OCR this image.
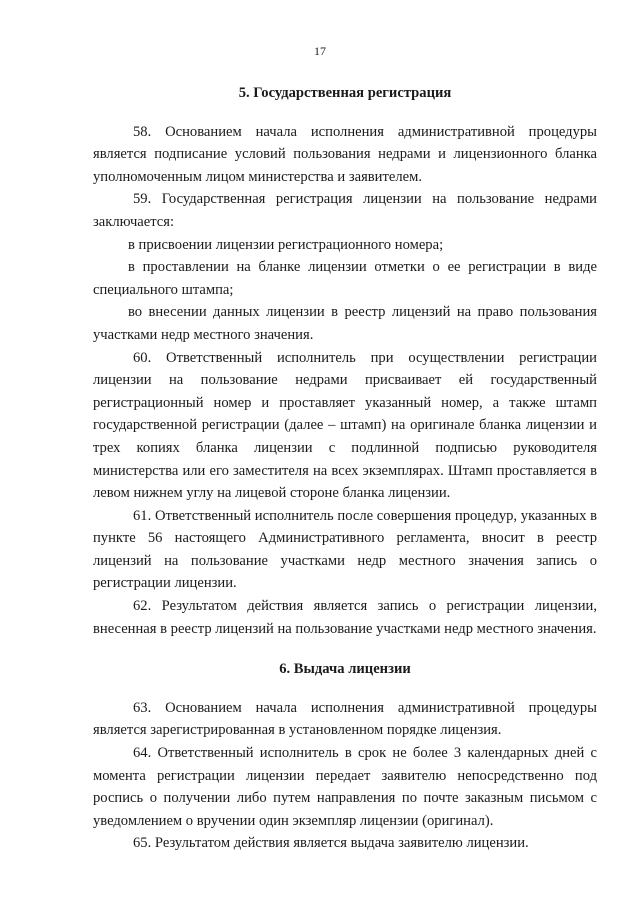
17
5. Государственная регистрация

58. Основанием начала исполнения административной процедуры является подписание условий пользования недрами и лицензионного бланка уполномоченным лицом министерства и заявителем.

59. Государственная регистрация лицензии на пользование недрами заключается:

в присвоении лицензии регистрационного номера;

в проставлении на бланке лицензии отметки о ее регистрации в виде специального штампа;

во внесении данных лицензии в реестр лицензий на право пользования участками недр местного значения.

60. Ответственный исполнитель при осуществлении регистрации лицензии на пользование недрами присваивает ей государственный регистрационный номер и проставляет указанный номер, а также штамп государственной регистрации (далее – штамп) на оригинале бланка лицензии и трех копиях бланка лицензии с подлинной подписью руководителя министерства или его заместителя на всех экземплярах. Штамп проставляется в левом нижнем углу на лицевой стороне бланка лицензии.

61. Ответственный исполнитель после совершения процедур, указанных в пункте 56 настоящего Административного регламента, вносит в реестр лицензий на пользование участками недр местного значения запись о регистрации лицензии.

62. Результатом действия является запись о регистрации лицензии, внесенная в реестр лицензий на пользование участками недр местного значения.

6. Выдача лицензии

63. Основанием начала исполнения административной процедуры является зарегистрированная в установленном порядке лицензия.

64. Ответственный исполнитель в срок не более 3 календарных дней с момента регистрации лицензии передает заявителю непосредственно под роспись о получении либо путем направления по почте заказным письмом с уведомлением о вручении один экземпляр лицензии (оригинал).

65. Результатом действия является выдача заявителю лицензии.
